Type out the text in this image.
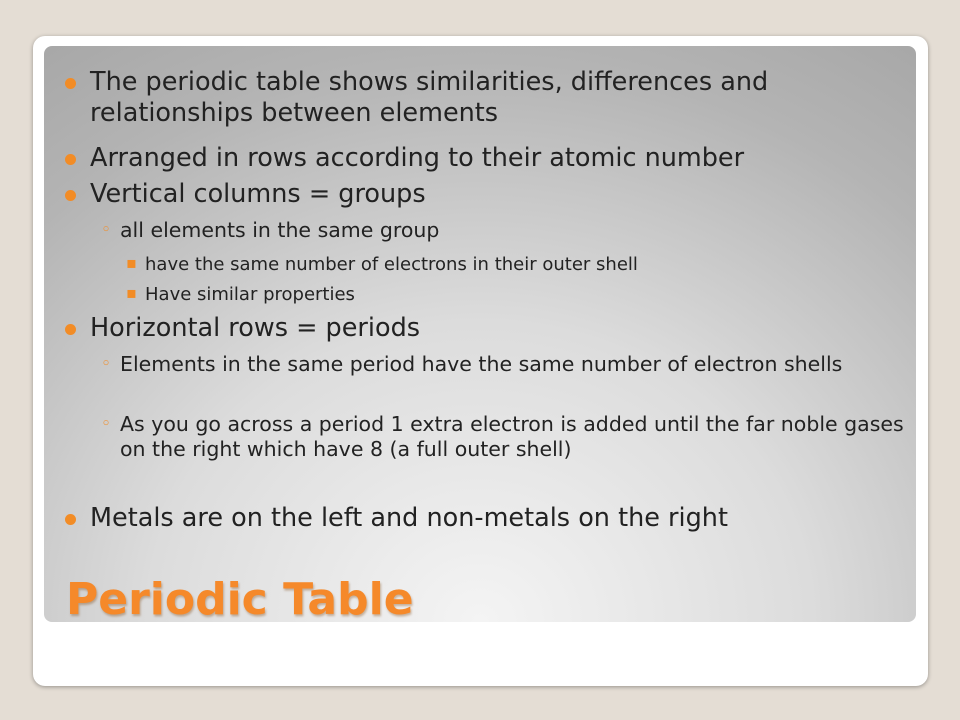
The periodic table shows similarities, differences and relationships between elements

Arranged in rows according to their atomic number

Vertical columns = groups

◦ all elements in the same group

▪ have the same number of electrons in their outer shell

▪ Have similar properties

Horizontal rows = periods

◦ Elements in the same period have the same number of electron shells

◦ As you go across a period 1 extra electron is added until the far noble gases on the right which have 8 (a full outer shell)

Metals are on the left and non-metals on the right

Periodic Table
